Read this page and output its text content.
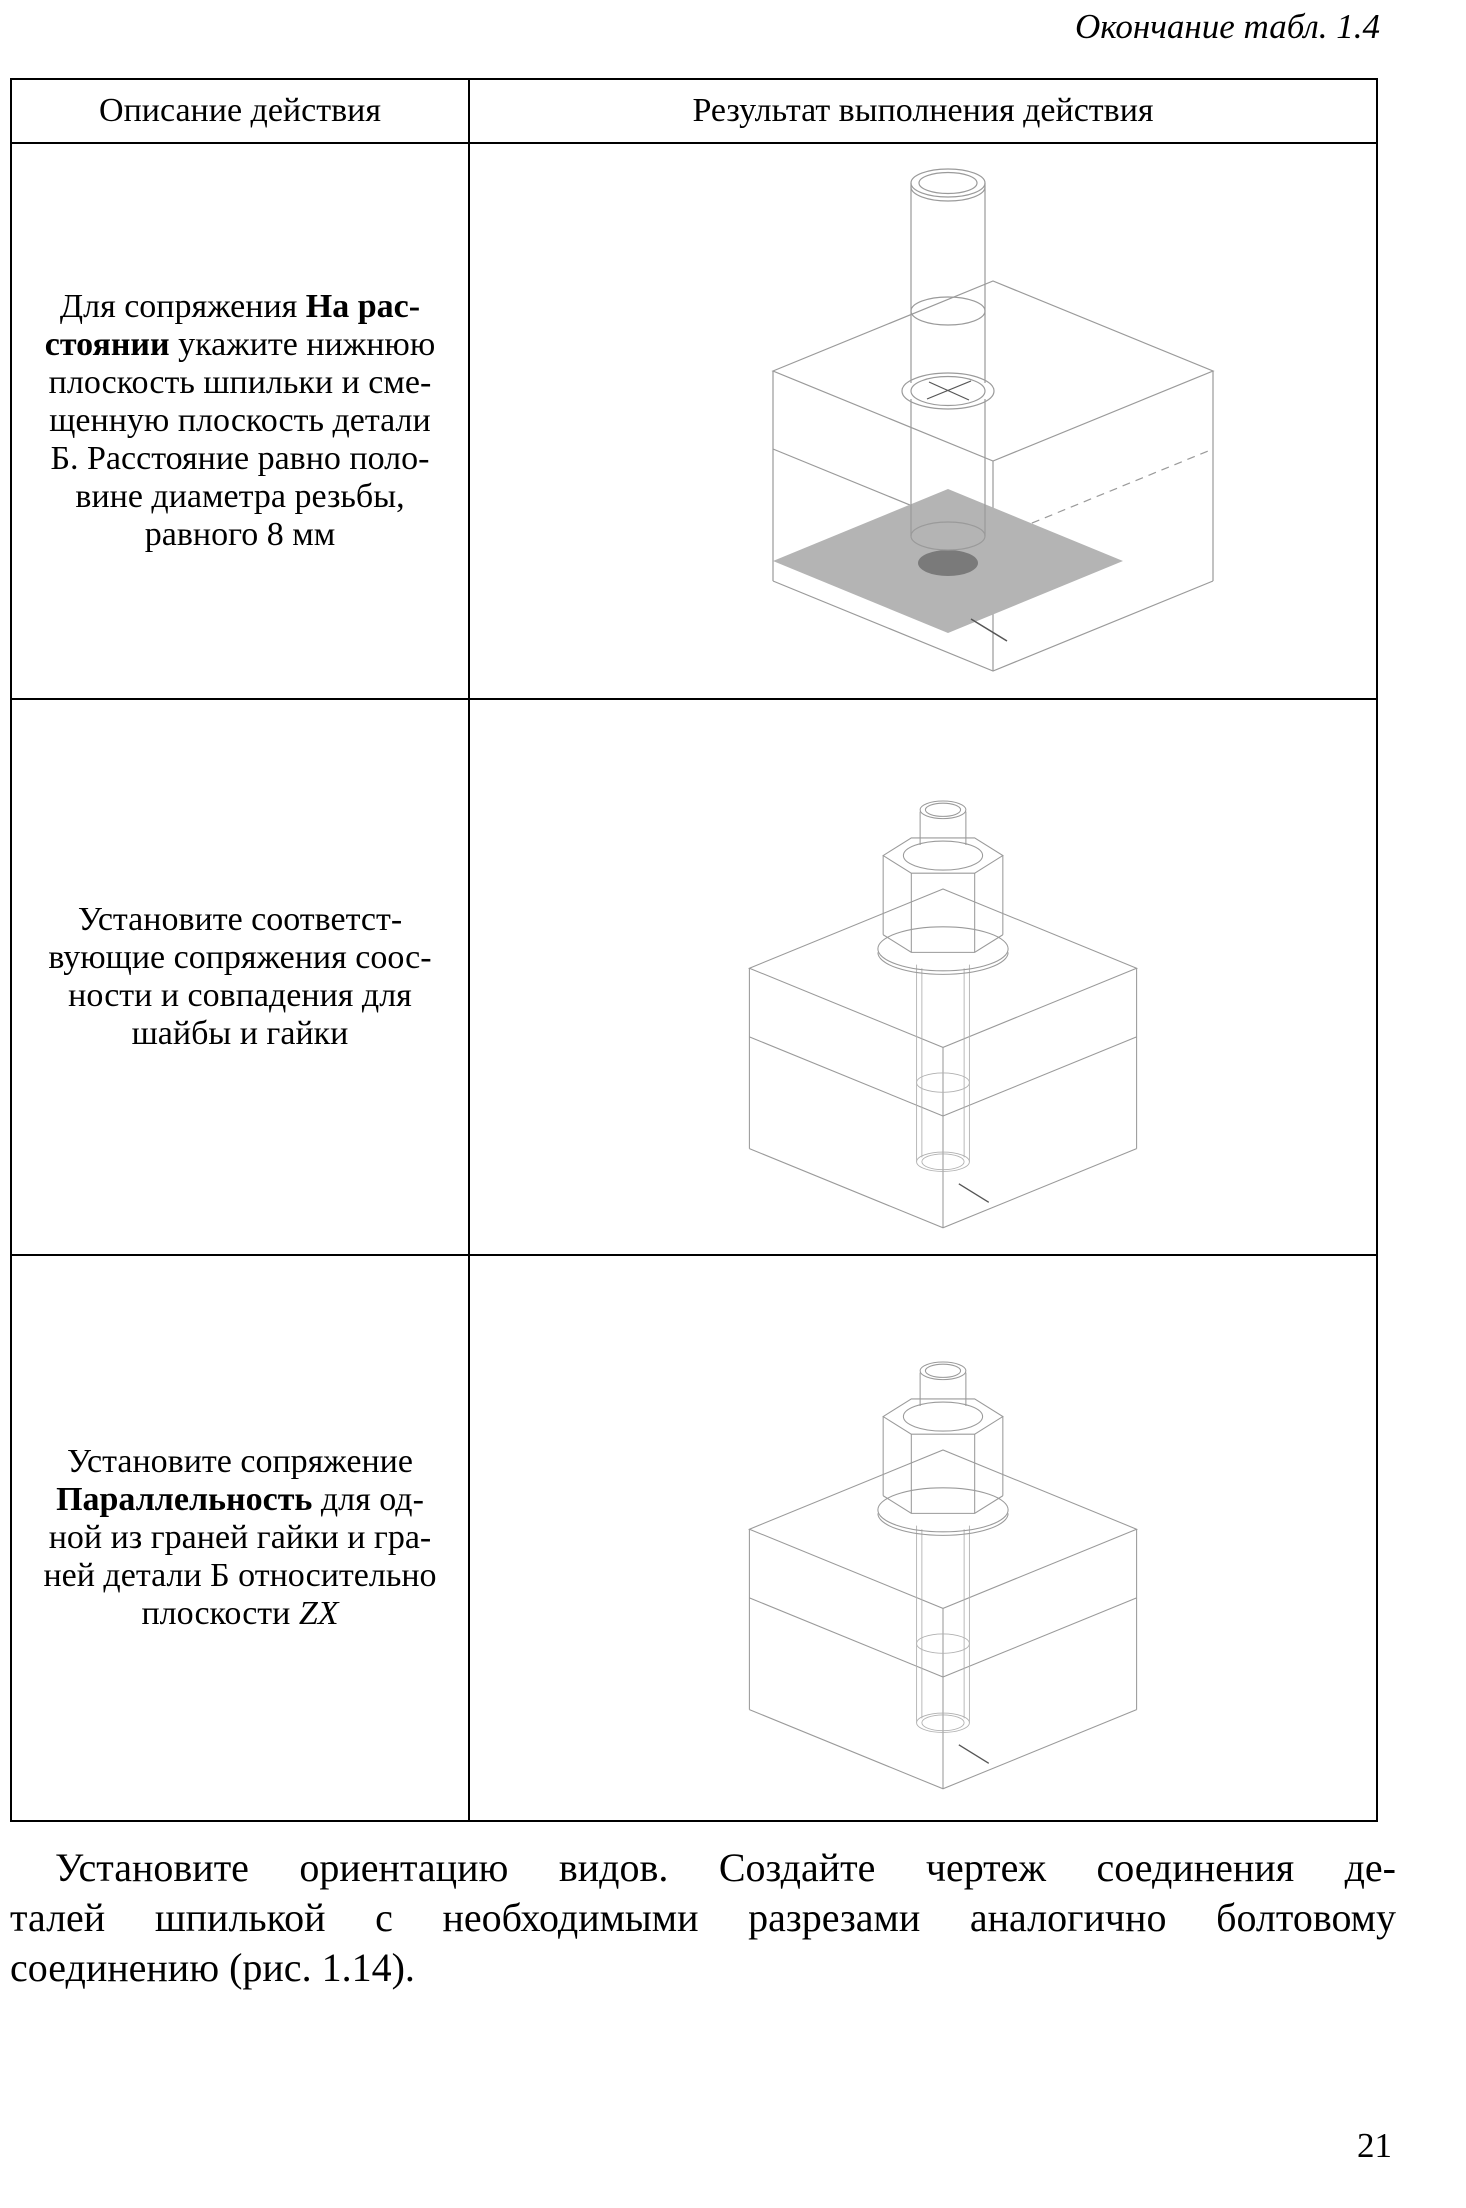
Окончание табл. 1.4
Описание действия	Результат выполнения действия
Для сопряжения На рас-
стоянии укажите нижнюю
плоскость шпильки и сме-
щенную плоскость детали
Б. Расстояние равно поло-
вине диаметра резьбы,
равного 8 мм
Установите соответст-
вующие сопряжения соос-
ности и совпадения для
шайбы и гайки
Установите сопряжение
Параллельность для од-
ной из граней гайки и гра-
ней детали Б относительно
плоскости ZX
Установите ориентацию видов. Создайте чертеж соединения де-
талей шпилькой с необходимыми разрезами аналогично болтовому
соединению (рис. 1.14).
21
